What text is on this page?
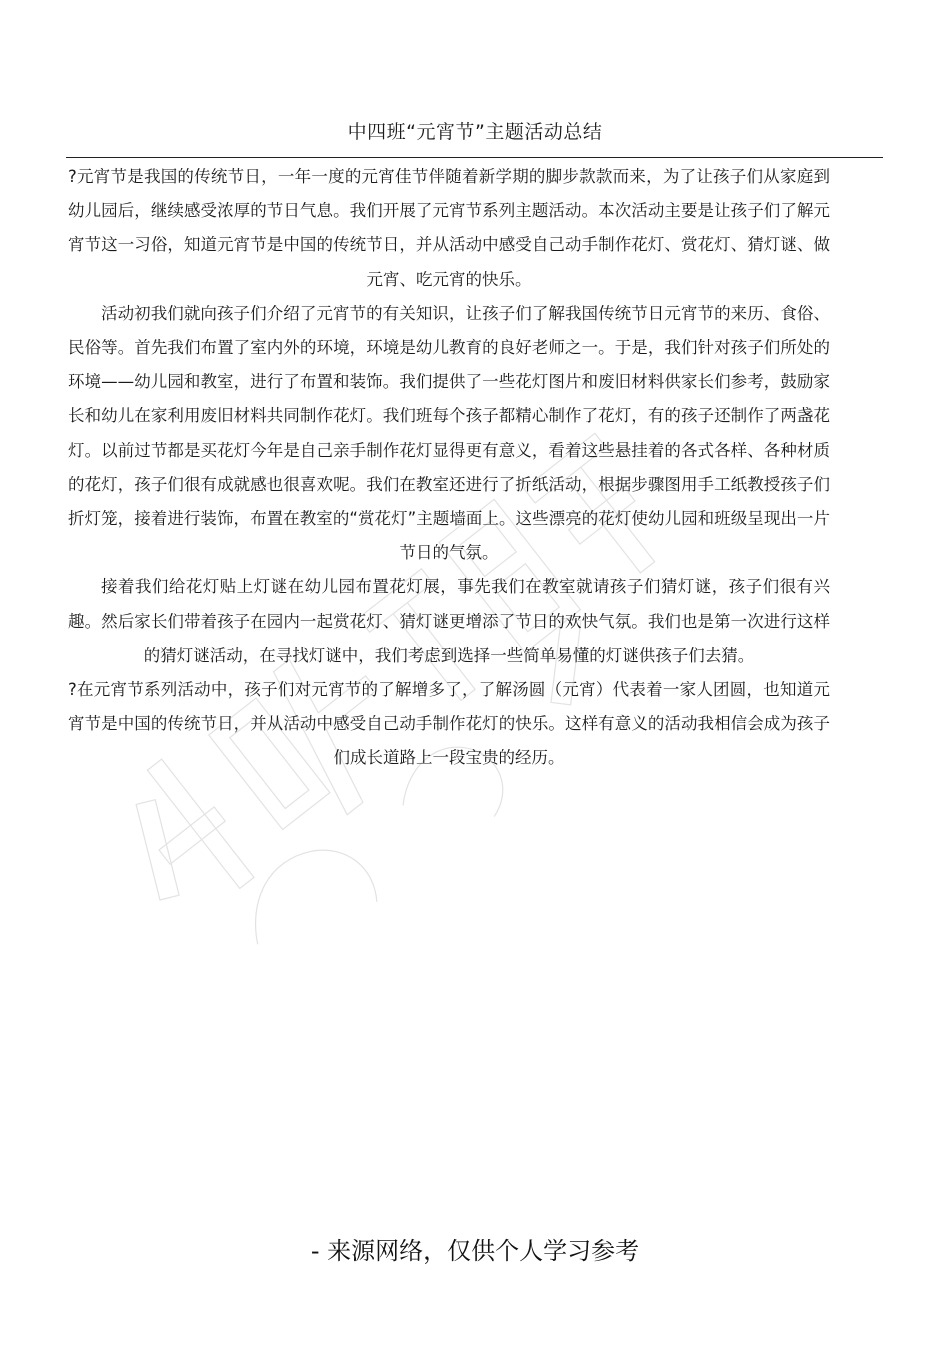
中四班“元宵节”主题活动总结

?元宵节是我国的传统节日，一年一度的元宵佳节伴随着新学期的脚步款款而来，为了让孩子们从家庭到幼儿园后，继续感受浓厚的节日气息。我们开展了元宵节系列主题活动。本次活动主要是让孩子们了解元宵节这一习俗，知道元宵节是中国的传统节日，并从活动中感受自己动手制作花灯、赏花灯、猜灯谜、做元宵、吃元宵的快乐。

活动初我们就向孩子们介绍了元宵节的有关知识，让孩子们了解我国传统节日元宵节的来历、食俗、民俗等。首先我们布置了室内外的环境，环境是幼儿教育的良好老师之一。于是，我们针对孩子们所处的环境——幼儿园和教室，进行了布置和装饰。我们提供了一些花灯图片和废旧材料供家长们参考，鼓励家长和幼儿在家利用废旧材料共同制作花灯。我们班每个孩子都精心制作了花灯，有的孩子还制作了两盏花灯。以前过节都是买花灯今年是自己亲手制作花灯显得更有意义，看着这些悬挂着的各式各样、各种材质的花灯，孩子们很有成就感也很喜欢呢。我们在教室还进行了折纸活动，根据步骤图用手工纸教授孩子们折灯笼，接着进行装饰，布置在教室的“赏花灯”主题墙面上。这些漂亮的花灯使幼儿园和班级呈现出一片节日的气氛。

接着我们给花灯贴上灯谜在幼儿园布置花灯展，事先我们在教室就请孩子们猜灯谜，孩子们很有兴趣。然后家长们带着孩子在园内一起赏花灯、猜灯谜更增添了节日的欢快气氛。我们也是第一次进行这样的猜灯谜活动，在寻找灯谜中，我们考虑到选择一些简单易懂的灯谜供孩子们去猜。

?在元宵节系列活动中，孩子们对元宵节的了解增多了，了解汤圆（元宵）代表着一家人团圆，也知道元宵节是中国的传统节日，并从活动中感受自己动手制作花灯的快乐。这样有意义的活动我相信会成为孩子们成长道路上一段宝贵的经历。

- 来源网络，仅供个人学习参考
